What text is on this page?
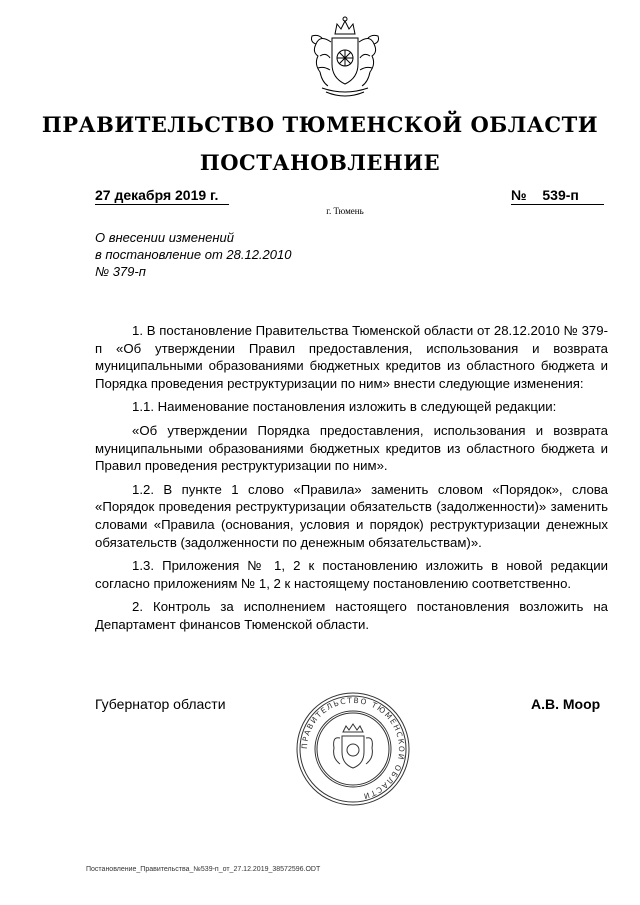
ПРАВИТЕЛЬСТВО ТЮМЕНСКОЙ ОБЛАСТИ
ПОСТАНОВЛЕНИЕ
27 декабря 2019 г.	№ 539-п
г. Тюмень
О внесении изменений
в постановление от 28.12.2010
№ 379-п

1. В постановление Правительства Тюменской области от 28.12.2010 № 379-п «Об утверждении Правил предоставления, использования и возврата муниципальными образованиями бюджетных кредитов из областного бюджета и Порядка проведения реструктуризации по ним» внести следующие изменения:

1.1. Наименование постановления изложить в следующей редакции:

«Об утверждении Порядка предоставления, использования и возврата муниципальными образованиями бюджетных кредитов из областного бюджета и Правил проведения реструктуризации по ним».

1.2. В пункте 1 слово «Правила» заменить словом «Порядок», слова «Порядок проведения реструктуризации обязательств (задолженности)» заменить словами «Правила (основания, условия и порядок) реструктуризации денежных обязательств (задолженности по денежным обязательствам)».

1.3. Приложения № 1, 2 к постановлению изложить в новой редакции согласно приложениям № 1, 2 к настоящему постановлению соответственно.

2. Контроль за исполнением настоящего постановления возложить на Департамент финансов Тюменской области.

Губернатор области
ПРАВИТЕЛЬСТВО ТЮМЕНСКОЙ ОБЛАСТИ
А.В. Моор
Постановление_Правительства_№539-п_от_27.12.2019_38572596.ODT
